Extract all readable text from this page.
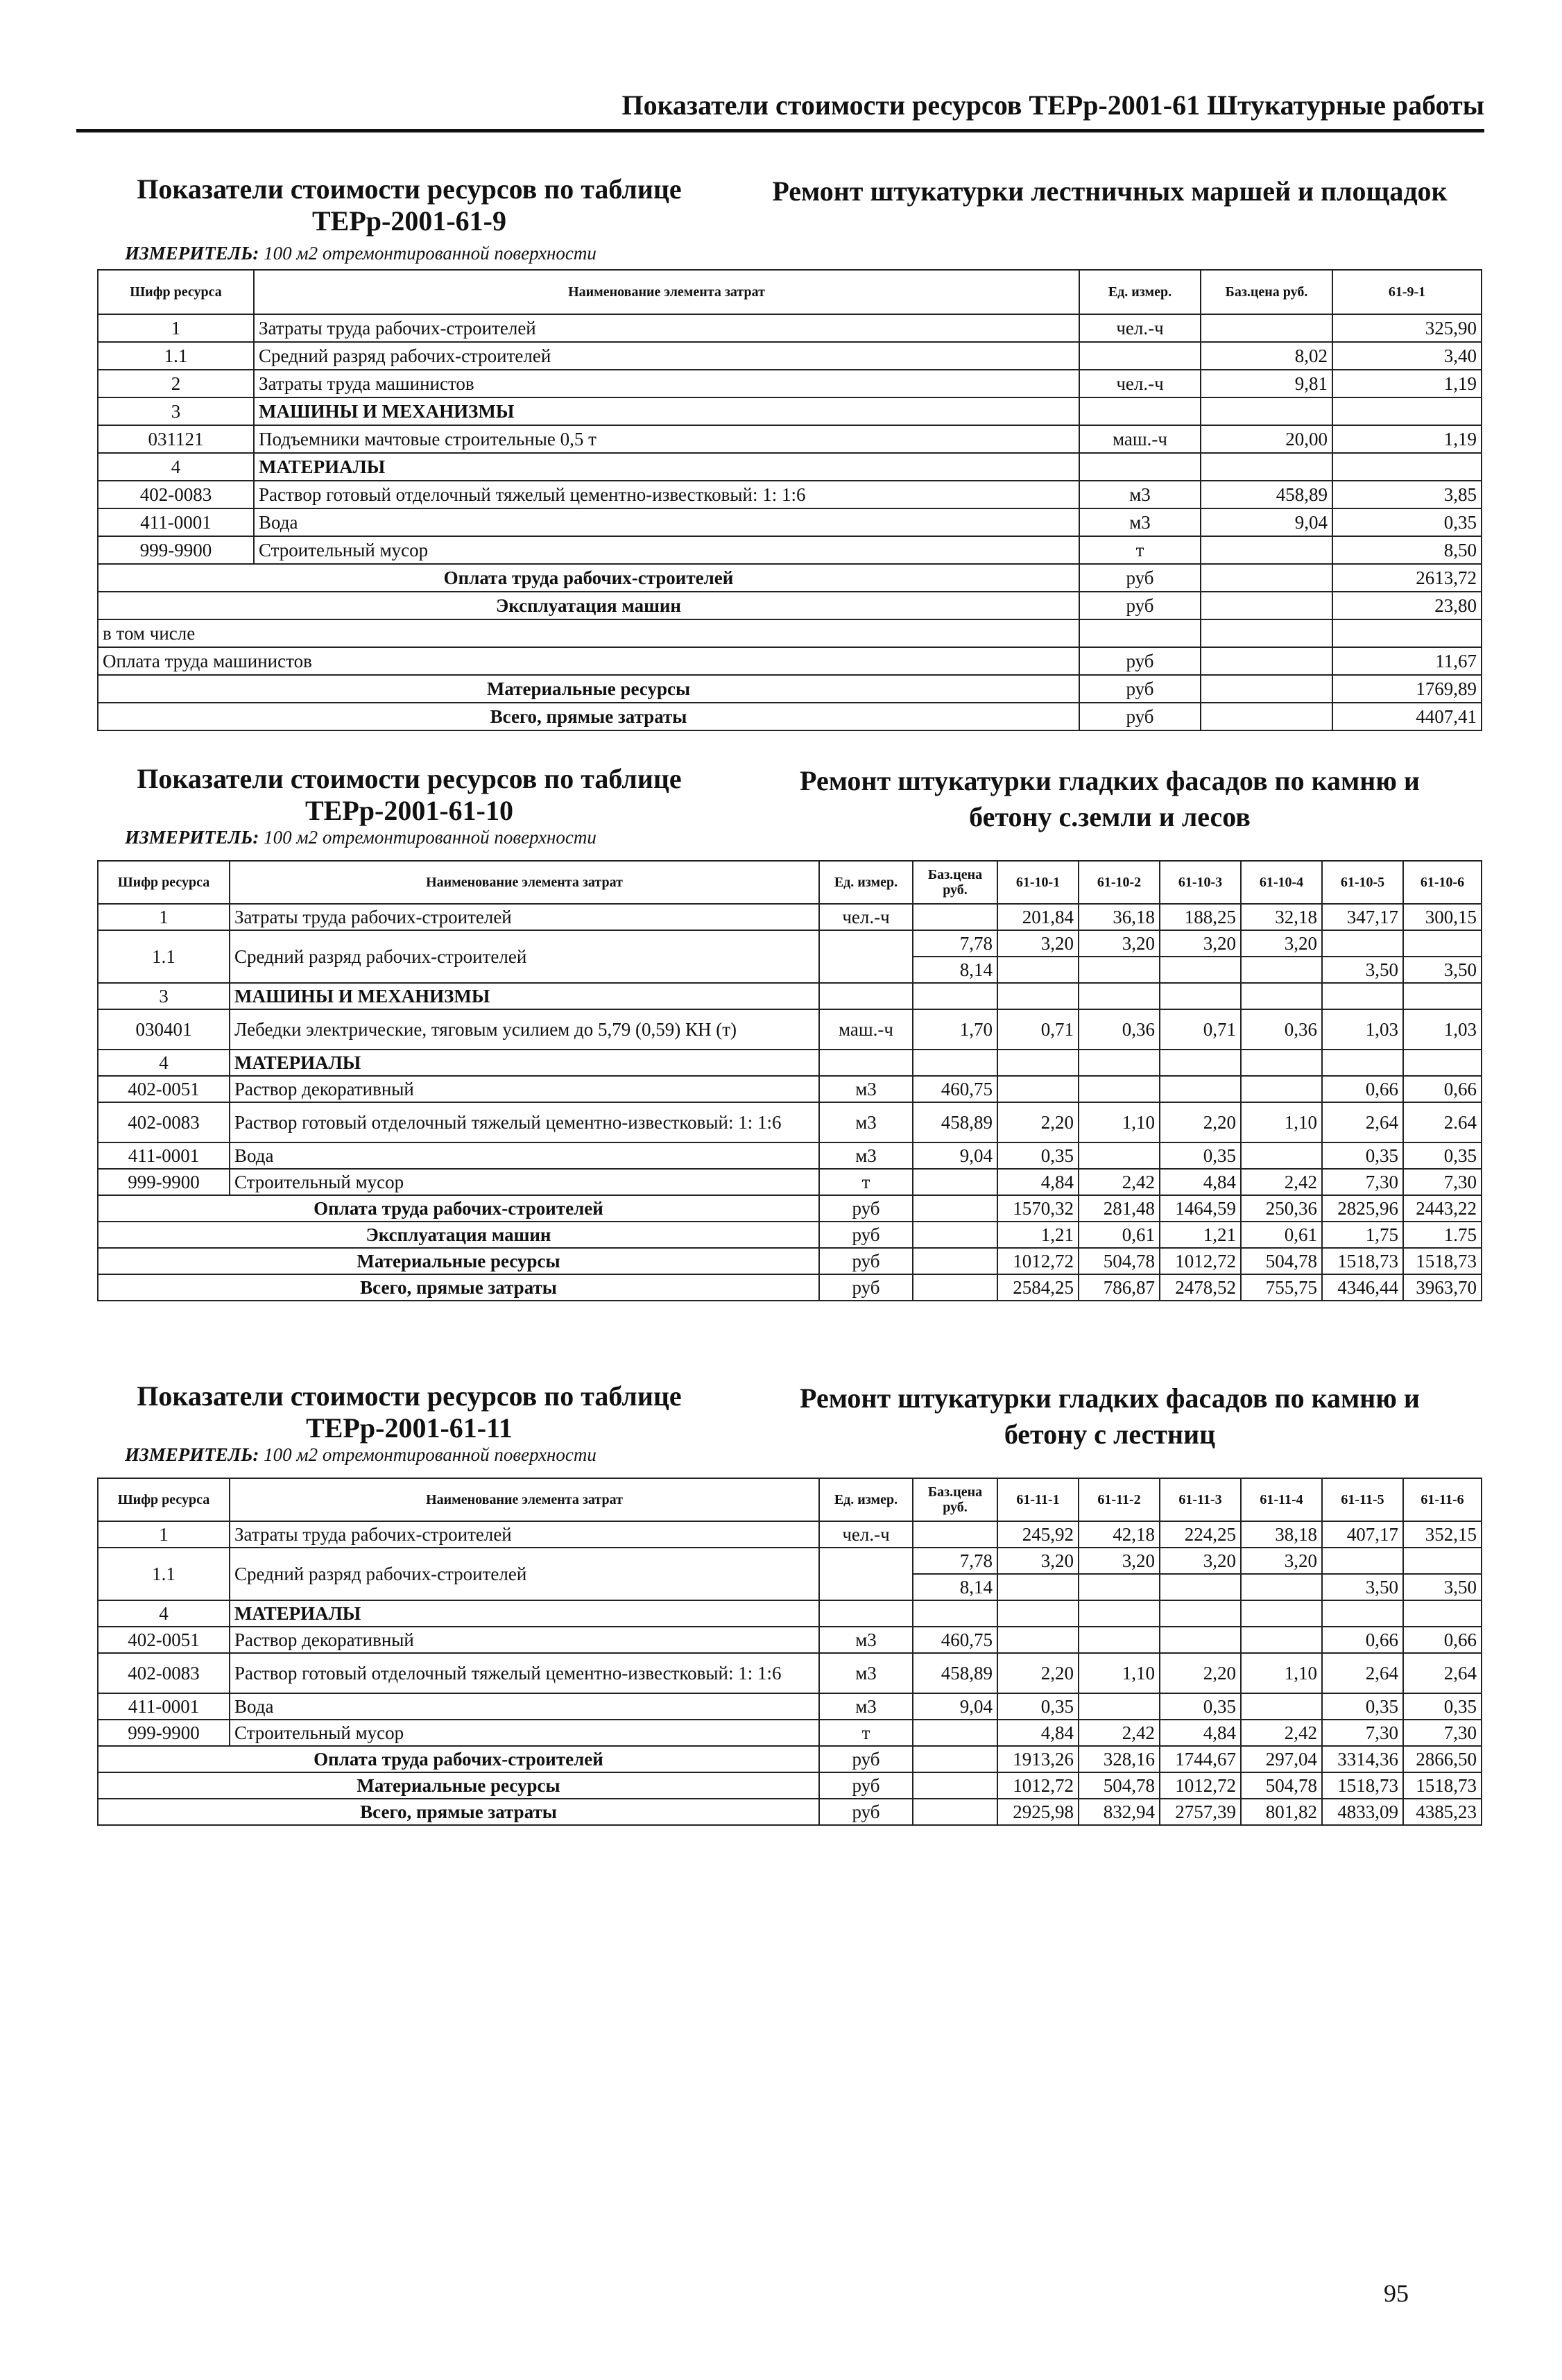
Показатели стоимости ресурсов ТЕРр-2001-61 Штукатурные работы
Показатели стоимости ресурсов по таблице
ТЕРр-2001-61-9
Ремонт штукатурки лестничных маршей и площадок
ИЗМЕРИТЕЛЬ: 100 м2 отремонтированной поверхности
Шифр ресурса	Наименование элемента затрат	Ед. измер.	Баз.цена руб.	61-9-1
1	Затраты труда рабочих-строителей	чел.-ч		325,90
1.1	Средний разряд рабочих-строителей		8,02	3,40
2	Затраты труда машинистов	чел.-ч	9,81	1,19
3	МАШИНЫ И МЕХАНИЗМЫ			
031121	Подъемники мачтовые строительные 0,5 т	маш.-ч	20,00	1,19
4	МАТЕРИАЛЫ			
402-0083	Раствор готовый отделочный тяжелый цементно-известковый: 1: 1:6	м3	458,89	3,85
411-0001	Вода	м3	9,04	0,35
999-9900	Строительный мусор	т		8,50
Оплата труда рабочих-строителей		руб		2613,72
Эксплуатация машин		руб		23,80
в том числе				
Оплата труда машинистов		руб		11,67
Материальные ресурсы		руб		1769,89
Всего, прямые затраты		руб		4407,41
Показатели стоимости ресурсов по таблице
ТЕРр-2001-61-10
Ремонт штукатурки гладких фасадов по камню и
бетону с.земли и лесов
ИЗМЕРИТЕЛЬ: 100 м2 отремонтированной поверхности
Шифр ресурса	Наименование элемента затрат	Ед. измер.	Баз.цена руб.	61-10-1	61-10-2	61-10-3	61-10-4	61-10-5	61-10-6
1	Затраты труда рабочих-строителей	чел.-ч		201,84	36,18	188,25	32,18	347,17	300,15
1.1	Средний разряд рабочих-строителей		7,78	3,20	3,20	3,20	3,20		
			8,14					3,50	3,50
3	МАШИНЫ И МЕХАНИЗМЫ								
030401	Лебедки электрические, тяговым усилием до 5,79 (0,59) КН (т)	маш.-ч	1,70	0,71	0,36	0,71	0,36	1,03	1,03
4	МАТЕРИАЛЫ								
402-0051	Раствор декоративный	м3	460,75					0,66	0,66
402-0083	Раствор готовый отделочный тяжелый цементно-известковый: 1: 1:6	м3	458,89	2,20	1,10	2,20	1,10	2,64	2.64
411-0001	Вода	м3	9,04	0,35		0,35		0,35	0,35
999-9900	Строительный мусор	т		4,84	2,42	4,84	2,42	7,30	7,30
Оплата труда рабочих-строителей		руб		1570,32	281,48	1464,59	250,36	2825,96	2443,22
Эксплуатация машин		руб		1,21	0,61	1,21	0,61	1,75	1.75
Материальные ресурсы		руб		1012,72	504,78	1012,72	504,78	1518,73	1518,73
Всего, прямые затраты		руб		2584,25	786,87	2478,52	755,75	4346,44	3963,70
Показатели стоимости ресурсов по таблице
ТЕРр-2001-61-11
Ремонт штукатурки гладких фасадов по камню и
бетону с лестниц
ИЗМЕРИТЕЛЬ: 100 м2 отремонтированной поверхности
Шифр ресурса	Наименование элемента затрат	Ед. измер.	Баз.цена руб.	61-11-1	61-11-2	61-11-3	61-11-4	61-11-5	61-11-6
1	Затраты труда рабочих-строителей	чел.-ч		245,92	42,18	224,25	38,18	407,17	352,15
1.1	Средний разряд рабочих-строителей		7,78	3,20	3,20	3,20	3,20		
			8,14					3,50	3,50
4	МАТЕРИАЛЫ								
402-0051	Раствор декоративный	м3	460,75					0,66	0,66
402-0083	Раствор готовый отделочный тяжелый цементно-известковый: 1: 1:6	м3	458,89	2,20	1,10	2,20	1,10	2,64	2,64
411-0001	Вода	м3	9,04	0,35		0,35		0,35	0,35
999-9900	Строительный мусор	т		4,84	2,42	4,84	2,42	7,30	7,30
Оплата труда рабочих-строителей		руб		1913,26	328,16	1744,67	297,04	3314,36	2866,50
Материальные ресурсы		руб		1012,72	504,78	1012,72	504,78	1518,73	1518,73
Всего, прямые затраты		руб		2925,98	832,94	2757,39	801,82	4833,09	4385,23
95
